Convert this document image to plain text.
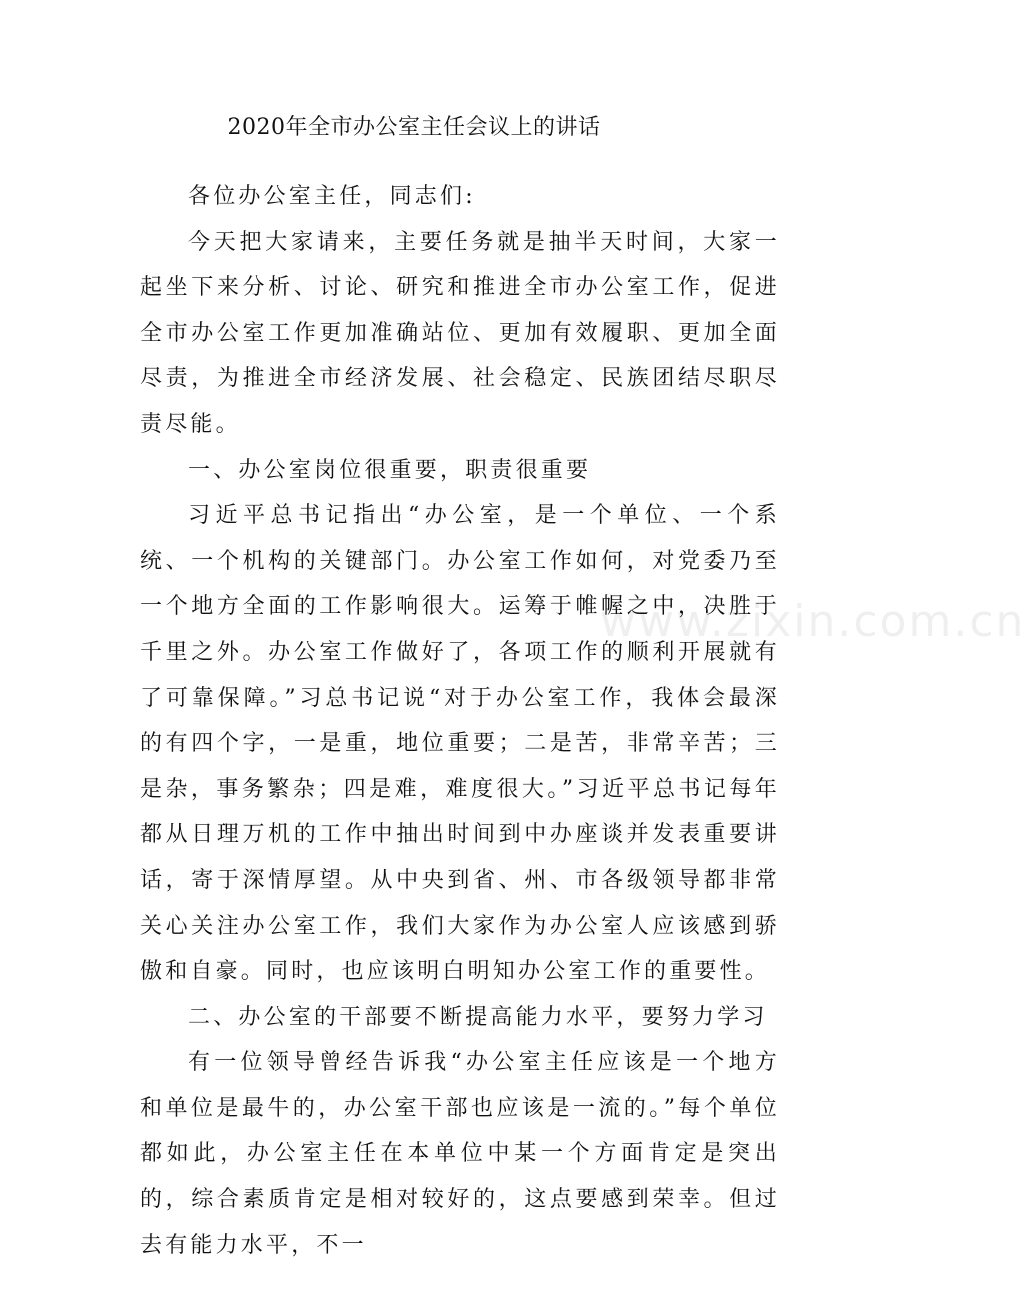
2020年全市办公室主任会议上的讲话

各位办公室主任，同志们:

今天把大家请来，主要任务就是抽半天时间，大家一起坐下来分析、讨论、研究和推进全市办公室工作，促进全市办公室工作更加准确站位、更加有效履职、更加全面尽责，为推进全市经济发展、社会稳定、民族团结尽职尽责尽能。

一、办公室岗位很重要，职责很重要

习近平总书记指出“办公室，是一个单位、一个系统、一个机构的关键部门。办公室工作如何，对党委乃至一个地方全面的工作影响很大。运筹于帷幄之中，决胜于千里之外。办公室工作做好了，各项工作的顺利开展就有了可靠保障。”习总书记说“对于办公室工作，我体会最深的有四个字，一是重，地位重要；二是苦，非常辛苦；三是杂，事务繁杂；四是难，难度很大。”习近平总书记每年都从日理万机的工作中抽出时间到中办座谈并发表重要讲话，寄于深情厚望。从中央到省、州、市各级领导都非常关心关注办公室工作，我们大家作为办公室人应该感到骄傲和自豪。同时，也应该明白明知办公室工作的重要性。

二、办公室的干部要不断提高能力水平，要努力学习

有一位领导曾经告诉我“办公室主任应该是一个地方和单位是最牛的，办公室干部也应该是一流的。”每个单位都如此，办公室主任在本单位中某一个方面肯定是突出的，综合素质肯定是相对较好的，这点要感到荣幸。但过去有能力水平，不一

www.zixin.com.cn
